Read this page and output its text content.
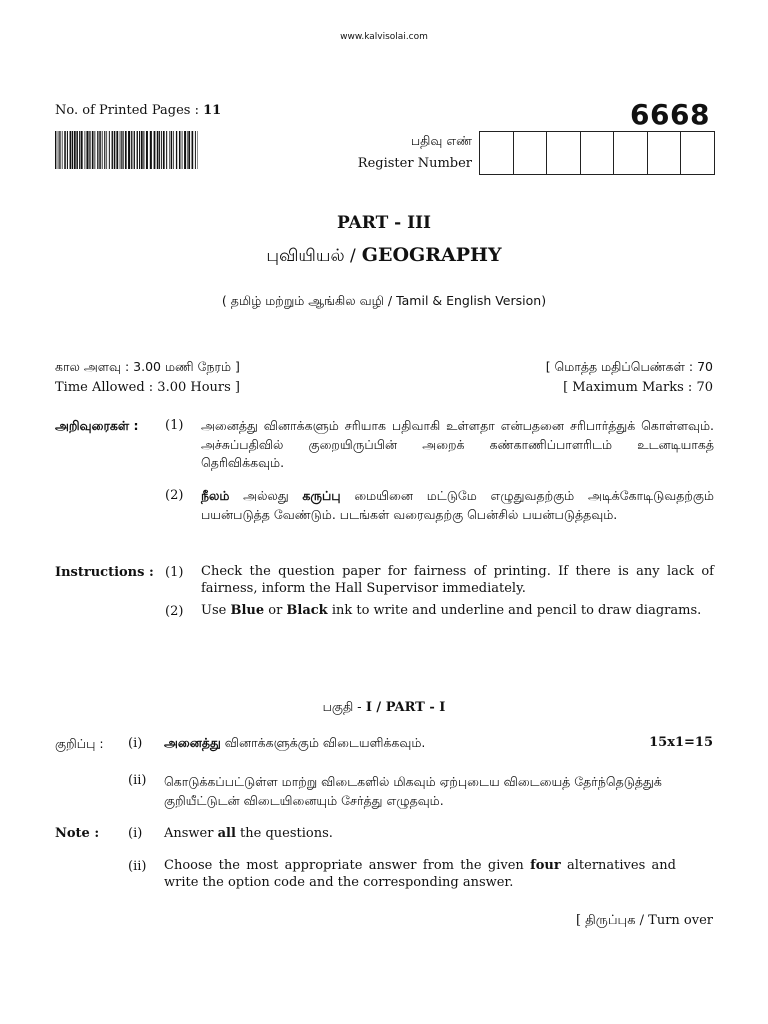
www.kalvisolai.com
No. of Printed Pages : 11	6668
பதிவு எண்
Register Number
PART - III
புவியியல் / GEOGRAPHY
( தமிழ் மற்றும் ஆங்கில வழி / Tamil & English Version)
கால அளவு : 3.00 மணி நேரம் ]
Time Allowed : 3.00 Hours ]
[ மொத்த மதிப்பெண்கள் : 70
[ Maximum Marks : 70
அறிவுரைகள் : (1)	அனைத்து வினாக்களும் சரியாக பதிவாகி உள்ளதா என்பதனை சரிபார்த்துக் கொள்ளவும். அச்சுப்பதிவில் குறையிருப்பின் அறைக் கண்காணிப்பாளரிடம் உடனடியாகத் தெரிவிக்கவும்.
(2)	நீலம் அல்லது கருப்பு மையினை மட்டுமே எழுதுவதற்கும் அடிக்கோடிடுவதற்கும் பயன்படுத்த வேண்டும். படங்கள் வரைவதற்கு பென்சில் பயன்படுத்தவும்.
Instructions : (1)	Check the question paper for fairness of printing. If there is any lack of fairness, inform the Hall Supervisor immediately.
(2)	Use Blue or Black ink to write and underline and pencil to draw diagrams.
பகுதி - I / PART - I
குறிப்பு : (i)	அனைத்து வினாக்களுக்கும் விடையளிக்கவும்.	15x1=15
(ii)	கொடுக்கப்பட்டுள்ள மாற்று விடைகளில் மிகவும் ஏற்புடைய விடையைத் தேர்ந்தெடுத்துக் குறியீட்டுடன் விடையினையும் சேர்த்து எழுதவும்.
Note : (i)	Answer all the questions.
(ii)	Choose the most appropriate answer from the given four alternatives and write the option code and the corresponding answer.
[ திருப்புக / Turn over
